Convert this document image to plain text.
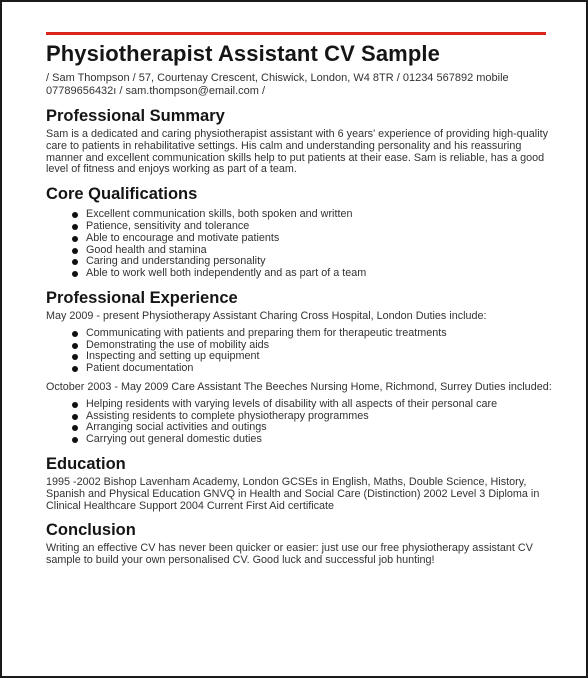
Physiotherapist Assistant CV Sample
/ Sam Thompson / 57, Courtenay Crescent, Chiswick, London, W4 8TR / 01234 567892 mobile 07789656432ı / sam.thompson@email.com /
Professional Summary

Sam is a dedicated and caring physiotherapist assistant with 6 years' experience of providing high-quality care to patients in rehabilitative settings. His calm and understanding personality and his reassuring manner and excellent communication skills help to put patients at their ease. Sam is reliable, has a good level of fitness and enjoys working as part of a team.

Core Qualifications
Excellent communication skills, both spoken and written
Patience, sensitivity and tolerance
Able to encourage and motivate patients
Good health and stamina
Caring and understanding personality
Able to work well both independently and as part of a team
Professional Experience

May 2009 - present Physiotherapy Assistant Charing Cross Hospital, London Duties include:

Communicating with patients and preparing them for therapeutic treatments
Demonstrating the use of mobility aids
Inspecting and setting up equipment
Patient documentation

October 2003 - May 2009 Care Assistant The Beeches Nursing Home, Richmond, Surrey Duties included:

Helping residents with varying levels of disability with all aspects of their personal care
Assisting residents to complete physiotherapy programmes
Arranging social activities and outings
Carrying out general domestic duties
Education

1995 -2002 Bishop Lavenham Academy, London GCSEs in English, Maths, Double Science, History, Spanish and Physical Education GNVQ in Health and Social Care (Distinction) 2002 Level 3 Diploma in Clinical Healthcare Support 2004 Current First Aid certificate

Conclusion

Writing an effective CV has never been quicker or easier: just use our free physiotherapy assistant CV sample to build your own personalised CV. Good luck and successful job hunting!
